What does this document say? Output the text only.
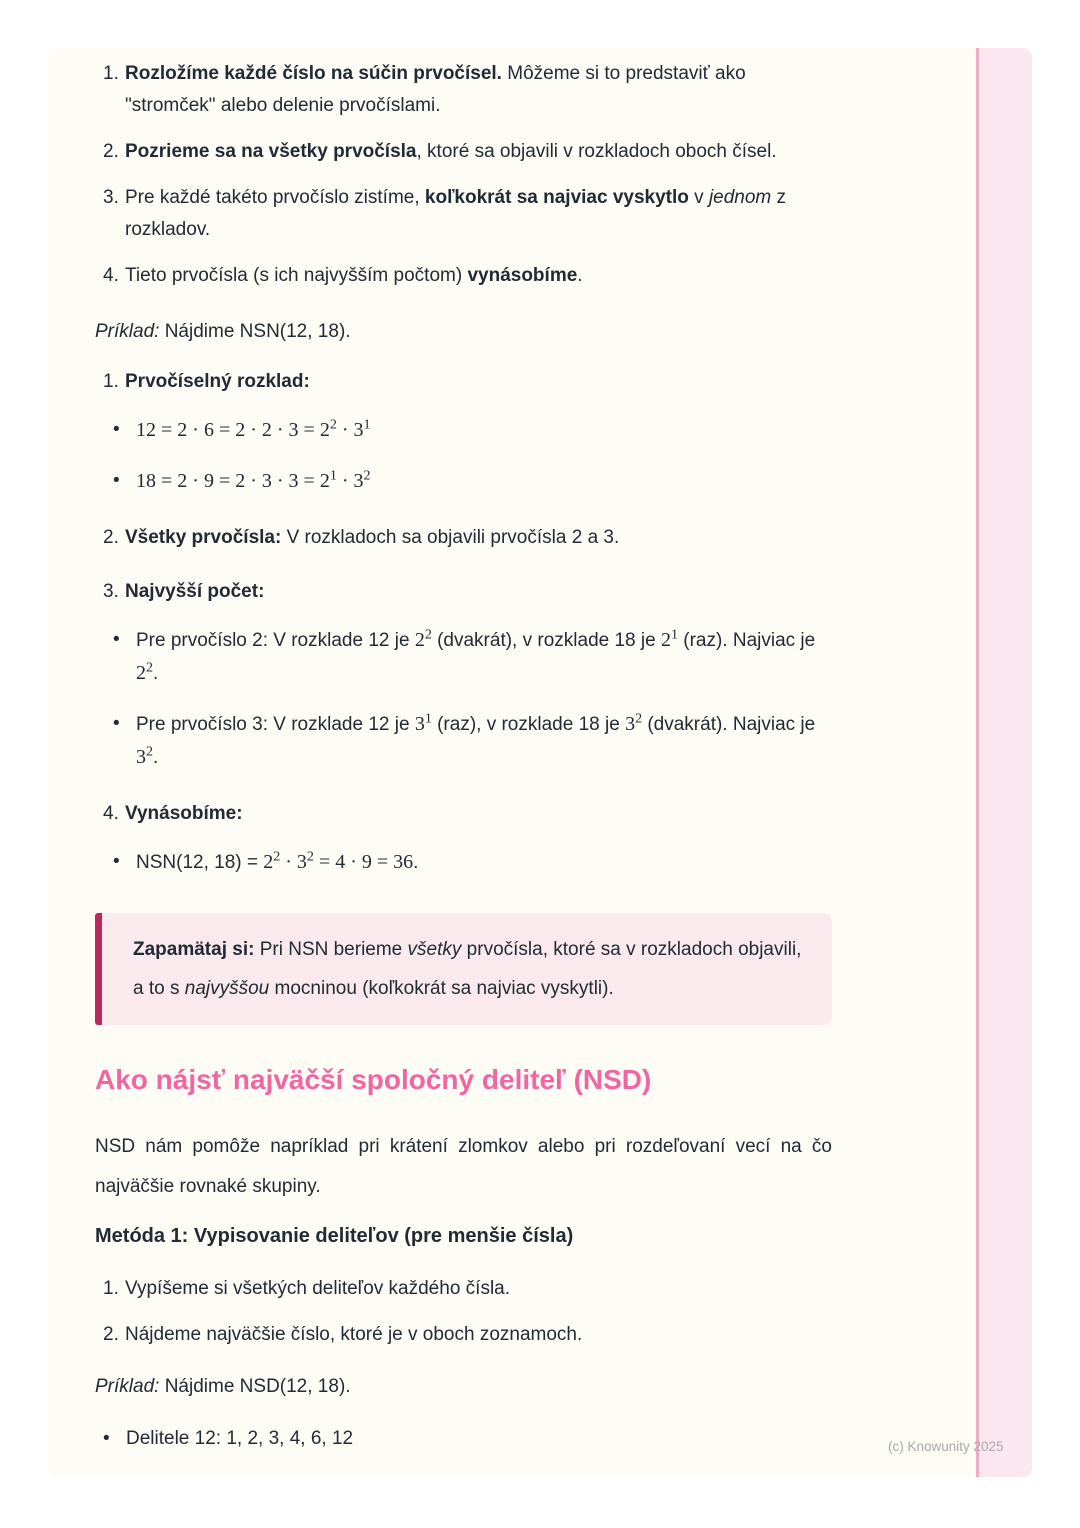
1. Rozložíme každé číslo na súčin prvočísel. Môžeme si to predstaviť ako "stromček" alebo delenie prvočíslami.
2. Pozrieme sa na všetky prvočísla, ktoré sa objavili v rozkladoch oboch čísel.
3. Pre každé takéto prvočíslo zistíme, koľkokrát sa najviac vyskytlo v jednom z rozkladov.
4. Tieto prvočísla (s ich najvyšším počtom) vynásobíme.

Príklad: Nájdime NSN(12, 18).

1. Prvočíselný rozklad:
• $12 = 2 \cdot 6 = 2 \cdot 2 \cdot 3 = 2^2 \cdot 3^1$
• $18 = 2 \cdot 9 = 2 \cdot 3 \cdot 3 = 2^1 \cdot 3^2$
2. Všetky prvočísla: V rozkladoch sa objavili prvočísla 2 a 3.
3. Najvyšší počet:
• Pre prvočíslo 2: V rozklade 12 je $2^2$ (dvakrát), v rozklade 18 je $2^1$ (raz). Najviac je $2^2$.
• Pre prvočíslo 3: V rozklade 12 je $3^1$ (raz), v rozklade 18 je $3^2$ (dvakrát). Najviac je $3^2$.
4. Vynásobíme:
• NSN(12, $18) = 2^2 \cdot 3^2 = 4 \cdot 9 = 36$.
Zapamätaj si: Pri NSN berieme všetky prvočísla, ktoré sa v rozkladoch objavili, a to s najvyššou mocninou (koľkokrát sa najviac vyskytli).
Ako nájsť najväčší spoločný deliteľ (NSD)

NSD nám pomôže napríklad pri krátení zlomkov alebo pri rozdeľovaní vecí na čo najväčšie rovnaké skupiny.

Metóda 1: Vypisovanie deliteľov (pre menšie čísla)
1. Vypíšeme si všetkých deliteľov každého čísla.
2. Nájdeme najväčšie číslo, ktoré je v oboch zoznamoch.

Príklad: Nájdime NSD(12, 18).

• Delitele 12: 1, 2, 3, 4, 6, 12	(c) Knowunity 2025
